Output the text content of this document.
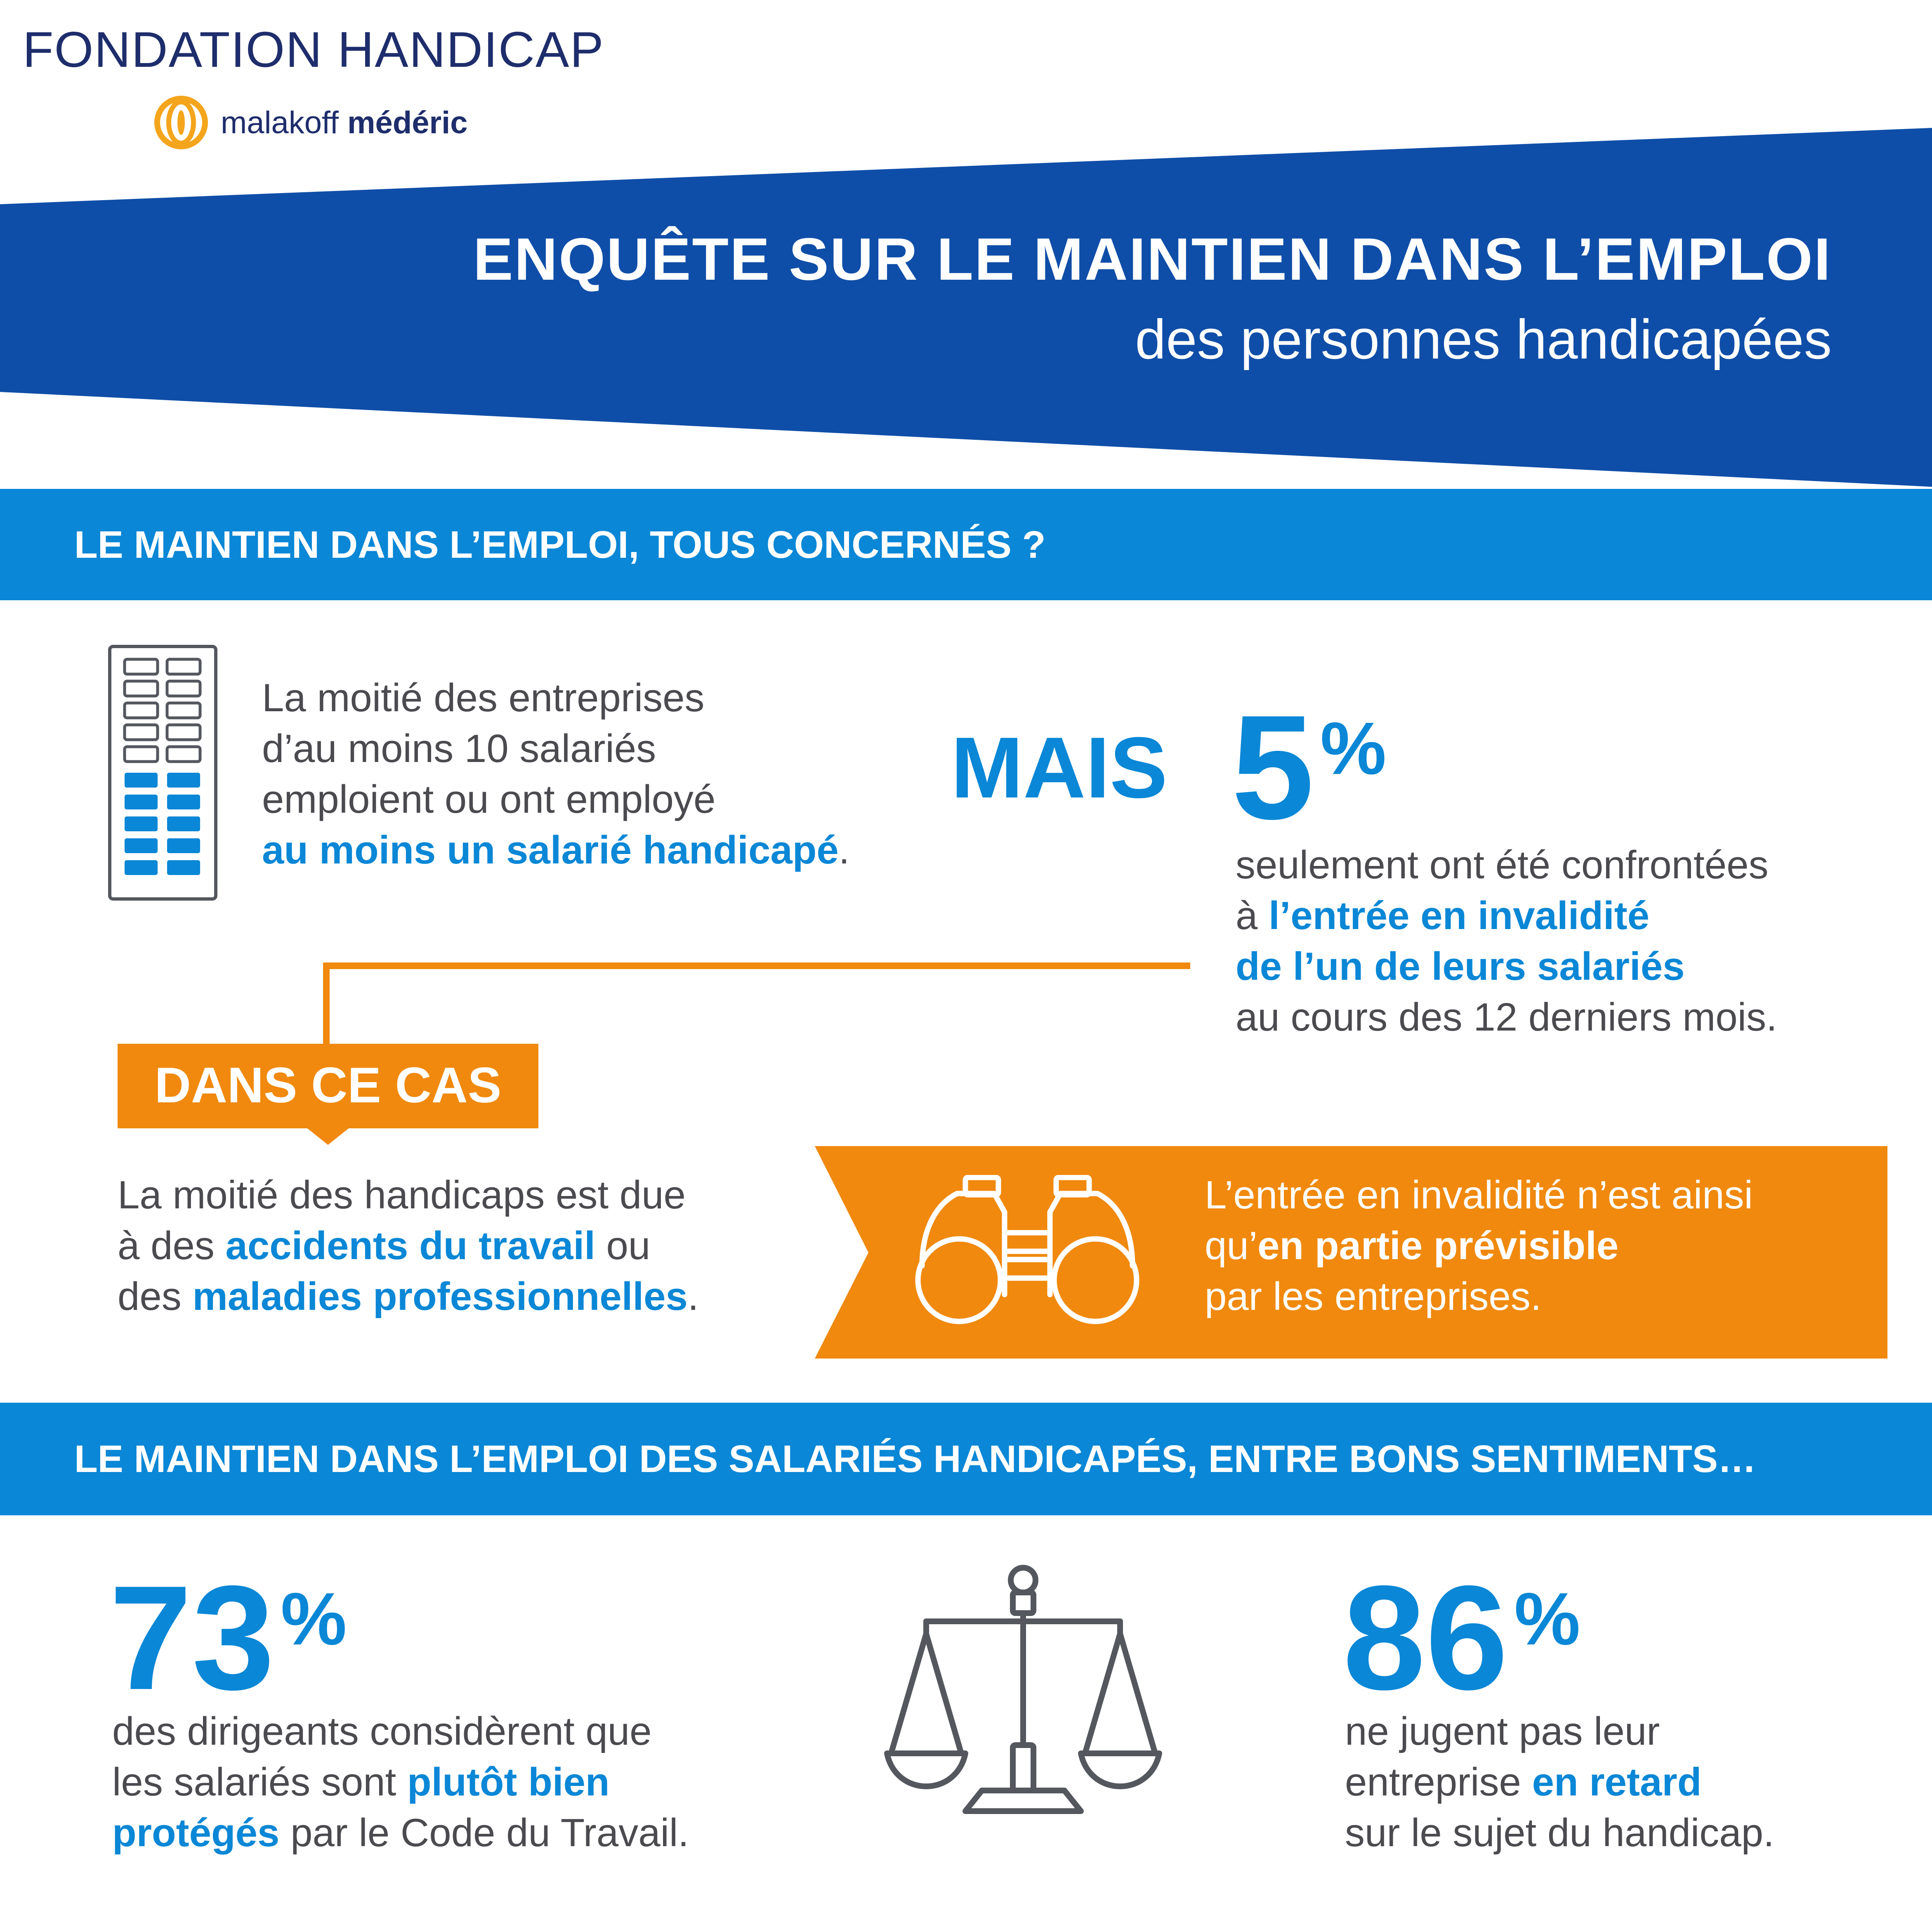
FONDATION HANDICAP
malakoff médéric
ENQUÊTE SUR LE MAINTIEN DANS L’EMPLOI
des personnes handicapées
LE MAINTIEN DANS L’EMPLOI, TOUS CONCERNÉS ?
La moitié des entreprises
d’au moins 10 salariés
emploient ou ont employé
au moins un salarié handicapé.
MAIS 5 %
seulement ont été confrontées
à l’entrée en invalidité
de l’un de leurs salariés
au cours des 12 derniers mois.
DANS CE CAS
La moitié des handicaps est due
à des accidents du travail ou
des maladies professionnelles.
L’entrée en invalidité n’est ainsi
qu’en partie prévisible
par les entreprises.
LE MAINTIEN DANS L’EMPLOI DES SALARIÉS HANDICAPÉS, ENTRE BONS SENTIMENTS…
73 %
des dirigeants considèrent que
les salariés sont plutôt bien
protégés par le Code du Travail.
86 %
ne jugent pas leur
entreprise en retard
sur le sujet du handicap.
